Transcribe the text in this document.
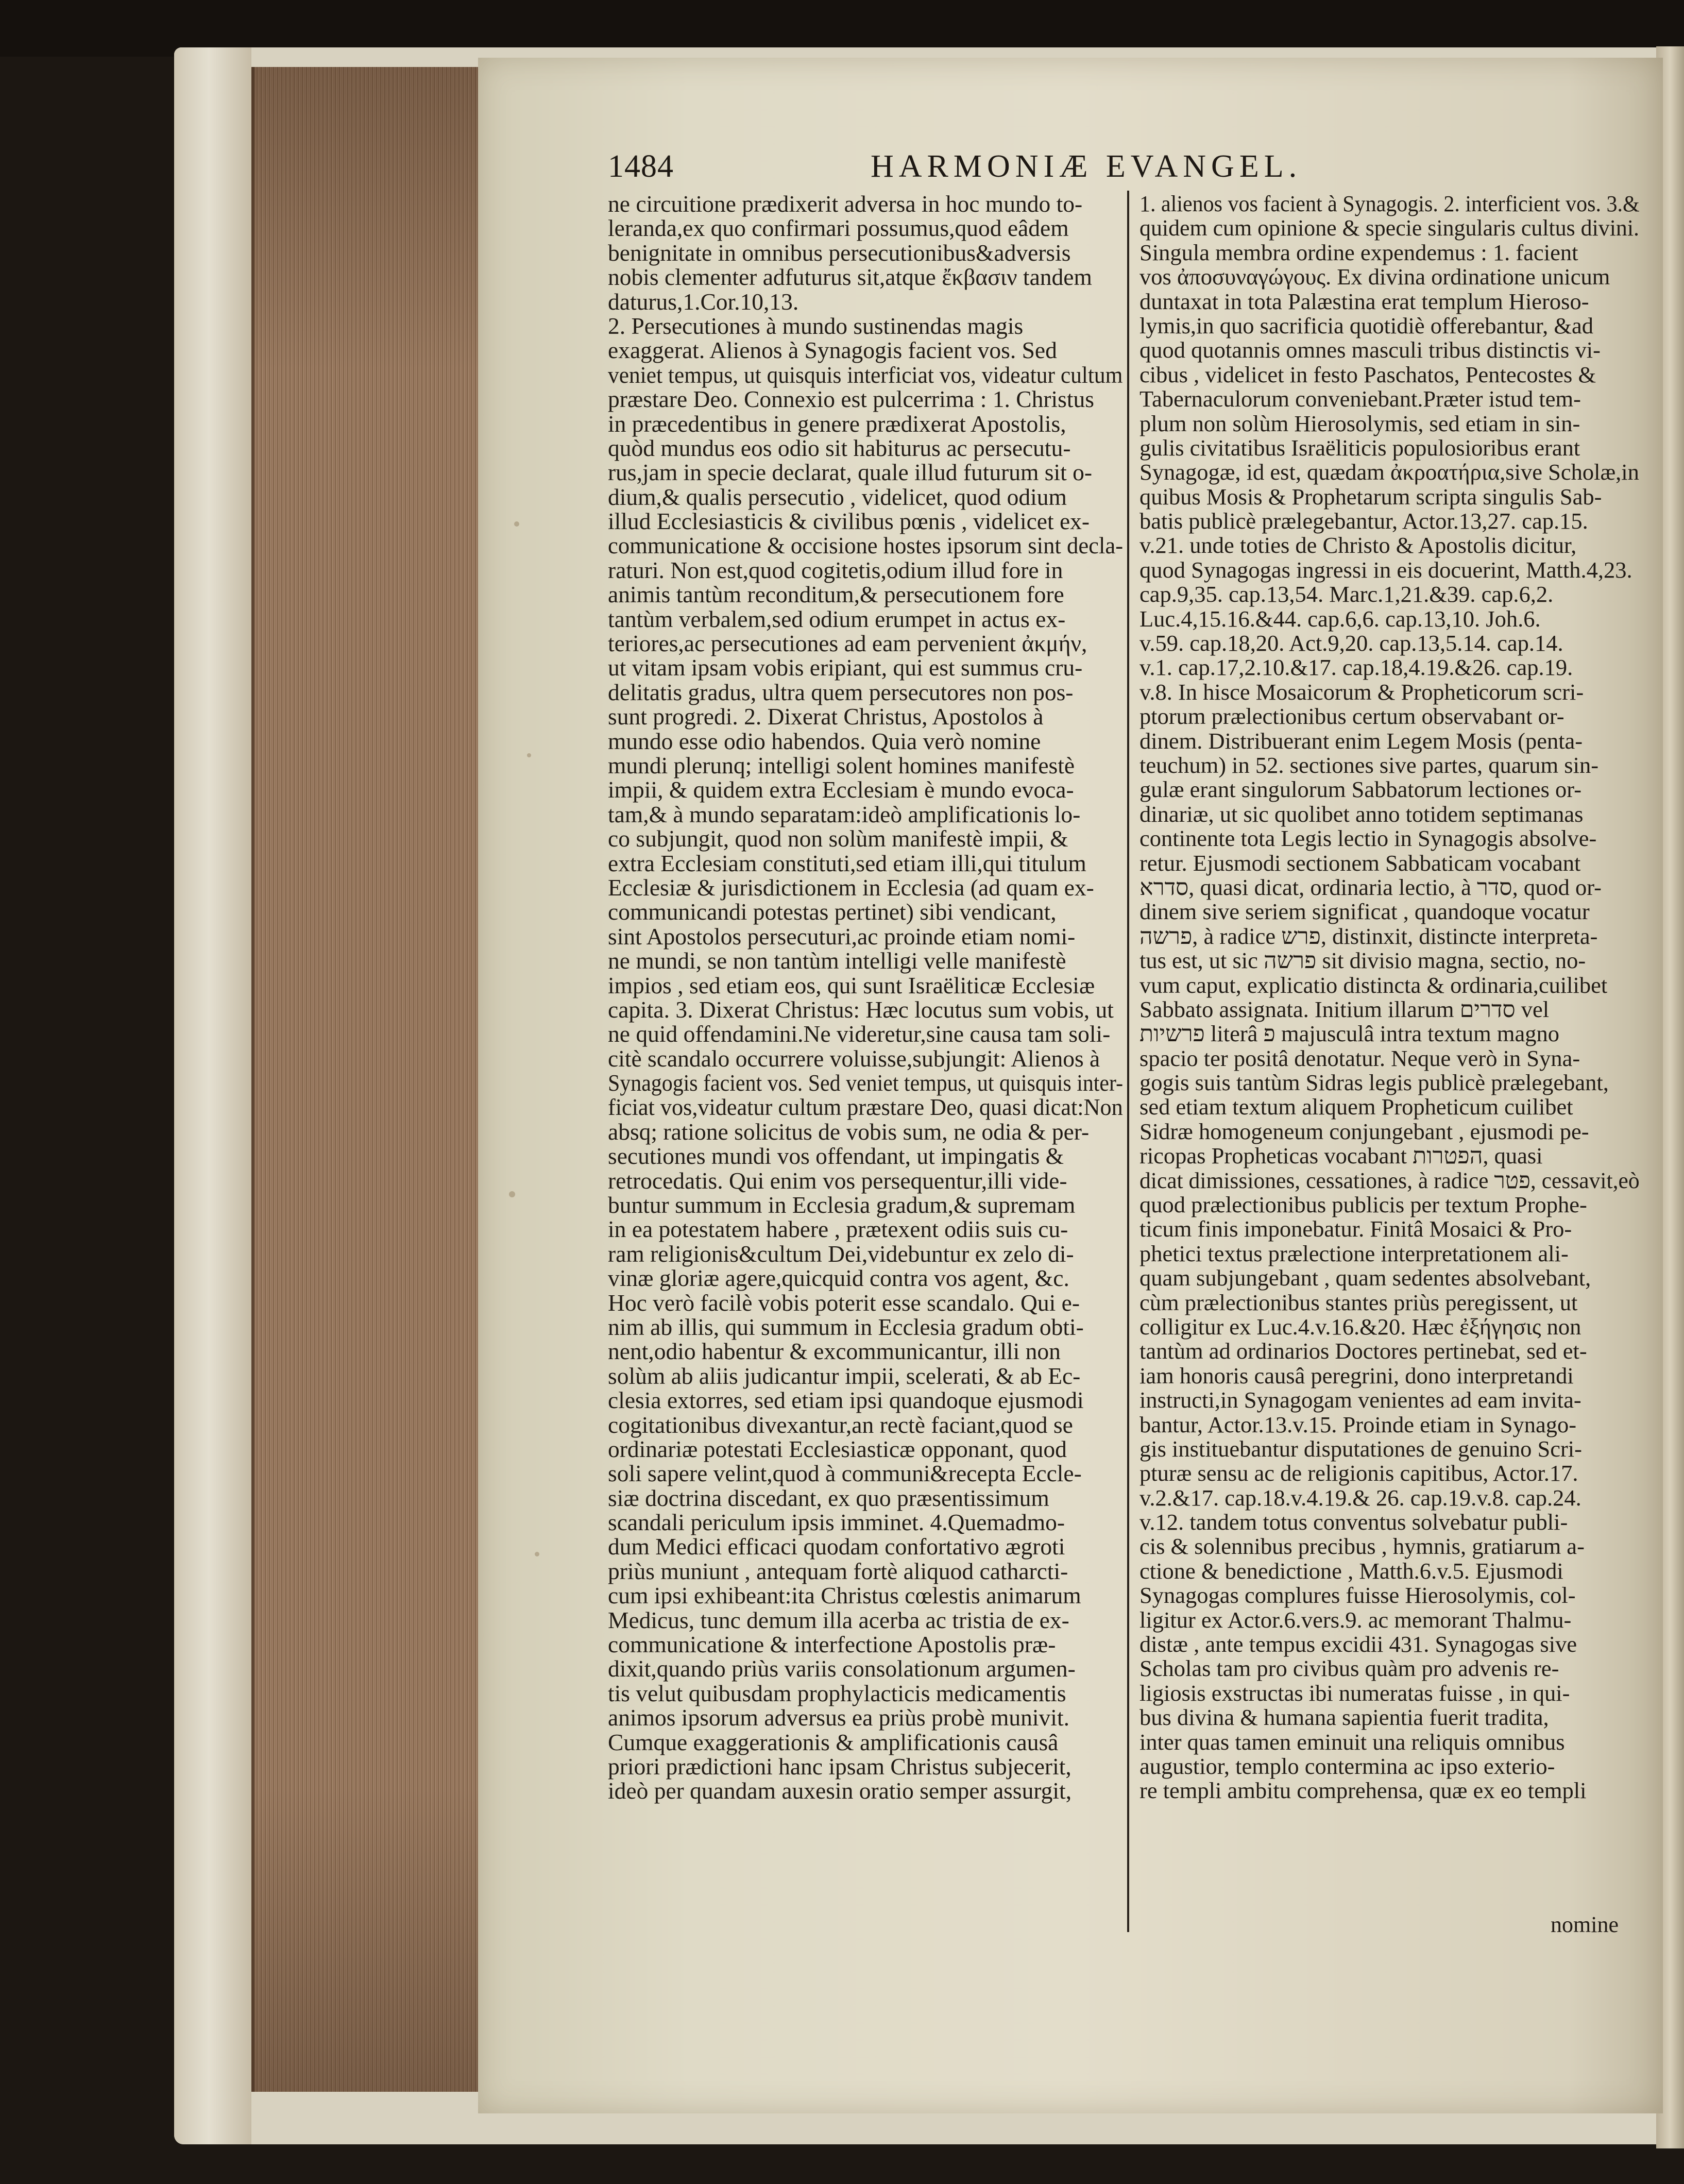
1484	HARMONIÆ EVANGEL.
ne circuitione prædixerit adversa in hoc mundo to-
leranda,ex quo confirmari possumus,quod eâdem
benignitate in omnibus persecutionibus&adversis
nobis clementer adfuturus sit,atque ἔκβασιν tandem
daturus,1.Cor.10,13.
2. Persecutiones à mundo sustinendas magis
exaggerat. Alienos à Synagogis facient vos. Sed
veniet tempus, ut quisquis interficiat vos, videatur cultum
præstare Deo. Connexio est pulcerrima : 1. Christus
in præcedentibus in genere prædixerat Apostolis,
quòd mundus eos odio sit habiturus ac persecutu-
rus,jam in specie declarat, quale illud futurum sit o-
dium,& qualis persecutio , videlicet, quod odium
illud Ecclesiasticis & civilibus pœnis , videlicet ex-
communicatione & occisione hostes ipsorum sint decla-
raturi. Non est,quod cogitetis,odium illud fore in
animis tantùm reconditum,& persecutionem fore
tantùm verbalem,sed odium erumpet in actus ex-
teriores,ac persecutiones ad eam pervenient ἀκμήν,
ut vitam ipsam vobis eripiant, qui est summus cru-
delitatis gradus, ultra quem persecutores non pos-
sunt progredi. 2. Dixerat Christus, Apostolos à
mundo esse odio habendos. Quia verò nomine
mundi plerunq; intelligi solent homines manifestè
impii, & quidem extra Ecclesiam è mundo evoca-
tam,& à mundo separatam:ideò amplificationis lo-
co subjungit, quod non solùm manifestè impii, &
extra Ecclesiam constituti,sed etiam illi,qui titulum
Ecclesiæ & jurisdictionem in Ecclesia (ad quam ex-
communicandi potestas pertinet) sibi vendicant,
sint Apostolos persecuturi,ac proinde etiam nomi-
ne mundi, se non tantùm intelligi velle manifestè
impios , sed etiam eos, qui sunt Israëliticæ Ecclesiæ
capita. 3. Dixerat Christus: Hæc locutus sum vobis, ut
ne quid offendamini.Ne videretur,sine causa tam soli-
citè scandalo occurrere voluisse,subjungit: Alienos à
Synagogis facient vos. Sed veniet tempus, ut quisquis inter-
ficiat vos,videatur cultum præstare Deo, quasi dicat:Non
absq; ratione solicitus de vobis sum, ne odia & per-
secutiones mundi vos offendant, ut impingatis &
retrocedatis. Qui enim vos persequentur,illi vide-
buntur summum in Ecclesia gradum,& supremam
in ea potestatem habere , prætexent odiis suis cu-
ram religionis&cultum Dei,videbuntur ex zelo di-
vinæ gloriæ agere,quicquid contra vos agent, &c.
Hoc verò facilè vobis poterit esse scandalo. Qui e-
nim ab illis, qui summum in Ecclesia gradum obti-
nent,odio habentur & excommunicantur, illi non
solùm ab aliis judicantur impii, scelerati, & ab Ec-
clesia extorres, sed etiam ipsi quandoque ejusmodi
cogitationibus divexantur,an rectè faciant,quod se
ordinariæ potestati Ecclesiasticæ opponant, quod
soli sapere velint,quod à communi&recepta Eccle-
siæ doctrina discedant, ex quo præsentissimum
scandali periculum ipsis imminet. 4.Quemadmo-
dum Medici efficaci quodam confortativo ægroti
priùs muniunt , antequam fortè aliquod catharcti-
cum ipsi exhibeant:ita Christus cœlestis animarum
Medicus, tunc demum illa acerba ac tristia de ex-
communicatione & interfectione Apostolis præ-
dixit,quando priùs variis consolationum argumen-
tis velut quibusdam prophylacticis medicamentis
animos ipsorum adversus ea priùs probè munivit.
Cumque exaggerationis & amplificationis causâ
priori prædictioni hanc ipsam Christus subjecerit,
ideò per quandam auxesin oratio semper assurgit,
1. alienos vos facient à Synagogis. 2. interficient vos. 3.&
quidem cum opinione & specie singularis cultus divini.
Singula membra ordine expendemus : 1. facient
vos ἀποσυναγώγους. Ex divina ordinatione unicum
duntaxat in tota Palæstina erat templum Hieroso-
lymis,in quo sacrificia quotidiè offerebantur, &ad
quod quotannis omnes masculi tribus distinctis vi-
cibus , videlicet in festo Paschatos, Pentecostes &
Tabernaculorum conveniebant.Præter istud tem-
plum non solùm Hierosolymis, sed etiam in sin-
gulis civitatibus Israëliticis populosioribus erant
Synagogæ, id est, quædam ἀκροατήρια,sive Scholæ,in
quibus Mosis & Prophetarum scripta singulis Sab-
batis publicè prælegebantur, Actor.13,27. cap.15.
v.21. unde toties de Christo & Apostolis dicitur,
quod Synagogas ingressi in eis docuerint, Matth.4,23.
cap.9,35. cap.13,54. Marc.1,21.&39. cap.6,2.
Luc.4,15.16.&44. cap.6,6. cap.13,10. Joh.6.
v.59. cap.18,20. Act.9,20. cap.13,5.14. cap.14.
v.1. cap.17,2.10.&17. cap.18,4.19.&26. cap.19.
v.8. In hisce Mosaicorum & Propheticorum scri-
ptorum prælectionibus certum observabant or-
dinem. Distribuerant enim Legem Mosis (penta-
teuchum) in 52. sectiones sive partes, quarum sin-
gulæ erant singulorum Sabbatorum lectiones or-
dinariæ, ut sic quolibet anno totidem septimanas
continente tota Legis lectio in Synagogis absolve-
retur. Ejusmodi sectionem Sabbaticam vocabant
סדרא, quasi dicat, ordinaria lectio, à סדר, quod or-
dinem sive seriem significat , quandoque vocatur
פרשה, à radice פרש, distinxit, distincte interpreta-
tus est, ut sic פרשה sit divisio magna, sectio, no-
vum caput, explicatio distincta & ordinaria,cuilibet
Sabbato assignata. Initium illarum סדרים vel
פרשיות literâ פ majusculâ intra textum magno
spacio ter positâ denotatur. Neque verò in Syna-
gogis suis tantùm Sidras legis publicè prælegebant,
sed etiam textum aliquem Propheticum cuilibet
Sidræ homogeneum conjungebant , ejusmodi pe-
ricopas Propheticas vocabant הפטרות, quasi
dicat dimissiones, cessationes, à radice פטר, cessavit,eò
quod prælectionibus publicis per textum Prophe-
ticum finis imponebatur. Finitâ Mosaici & Pro-
phetici textus prælectione interpretationem ali-
quam subjungebant , quam sedentes absolvebant,
cùm prælectionibus stantes priùs peregissent, ut
colligitur ex Luc.4.v.16.&20. Hæc ἐξήγησις non
tantùm ad ordinarios Doctores pertinebat, sed et-
iam honoris causâ peregrini, dono interpretandi
instructi,in Synagogam venientes ad eam invita-
bantur, Actor.13.v.15. Proinde etiam in Synago-
gis instituebantur disputationes de genuino Scri-
pturæ sensu ac de religionis capitibus, Actor.17.
v.2.&17. cap.18.v.4.19.& 26. cap.19.v.8. cap.24.
v.12. tandem totus conventus solvebatur publi-
cis & solennibus precibus , hymnis, gratiarum a-
ctione & benedictione , Matth.6.v.5. Ejusmodi
Synagogas complures fuisse Hierosolymis, col-
ligitur ex Actor.6.vers.9. ac memorant Thalmu-
distæ , ante tempus excidii 431. Synagogas sive
Scholas tam pro civibus quàm pro advenis re-
ligiosis exstructas ibi numeratas fuisse , in qui-
bus divina & humana sapientia fuerit tradita,
inter quas tamen eminuit una reliquis omnibus
augustior, templo contermina ac ipso exterio-
re templi ambitu comprehensa, quæ ex eo templi
nomine
